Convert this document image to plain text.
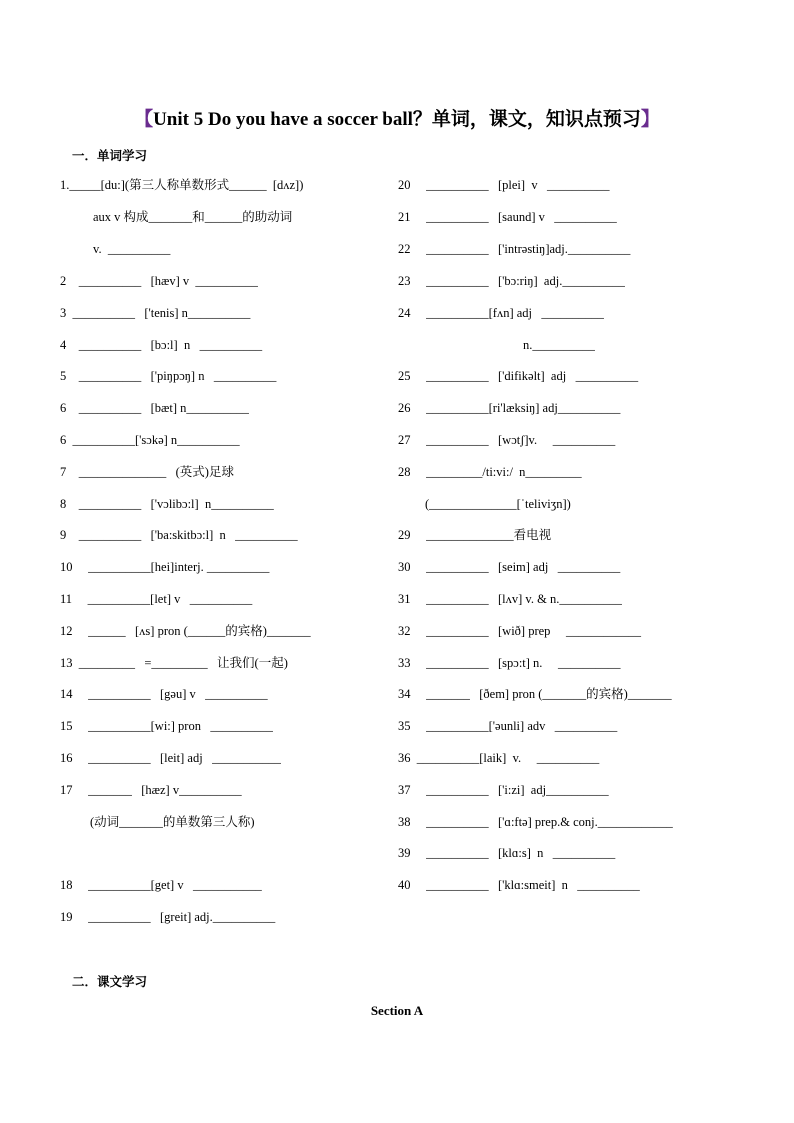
【Unit 5 Do you have a soccer ball？单词，课文，知识点预习】
一．单词学习
1._____[du:](第三人称单数形式______  [dʌz])
aux v 构成_______和______的助动词
v.  __________
2    __________   [hæv] v  __________
3  __________   ['tenis] n__________
4    __________   [bɔ:l]  n   __________
5    __________   ['piŋpɔŋ] n   __________
6    __________   [bæt] n__________
6  __________['sɔkə] n__________
7    ______________   (英式)足球
8    __________   ['vɔlibɔ:l]  n__________
9    __________   ['ba:skitbɔ:l]  n   __________
10     __________[hei]interj. __________
11     __________[let] v   __________
12     ______   [ʌs] pron (______的宾格)_______
13  _________   =_________   让我们(一起)
14     __________   [gəu] v   __________
15     __________[wi:] pron   __________
16     __________   [leit] adj   ___________
17     _______   [hæz] v__________
(动词_______的单数第三人称)
18     __________[get] v   ___________
19     __________   [greit] adj.__________
20     __________   [plei]  v   __________
21     __________   [saund] v   __________
22     __________   ['intrəstiŋ]adj.__________
23     __________   ['bɔ:riŋ]  adj.__________
24     __________[fʌn] adj   __________
n.__________
25     __________   ['difikəlt]  adj   __________
26     __________[ri'læksiŋ] adj__________
27     __________   [wɔtʃ]v.     __________
28     _________/ti:vi:/  n_________
(______________[ˈteliviʒn])
29     ______________看电视
30     __________   [seim] adj   __________
31     __________   [lʌv] v. & n.__________
32     __________   [wið] prep     ____________
33     __________   [spɔ:t] n.     __________
34     _______   [ðem] pron (_______的宾格)_______
35     __________['əunli] adv   __________
36  __________[laik]  v.     __________
37     __________   ['i:zi]  adj__________
38     __________   ['ɑ:ftə] prep.& conj.____________
39     __________   [klɑ:s]  n   __________
40     __________   ['klɑ:smeit]  n   __________
二．课文学习
Section A
